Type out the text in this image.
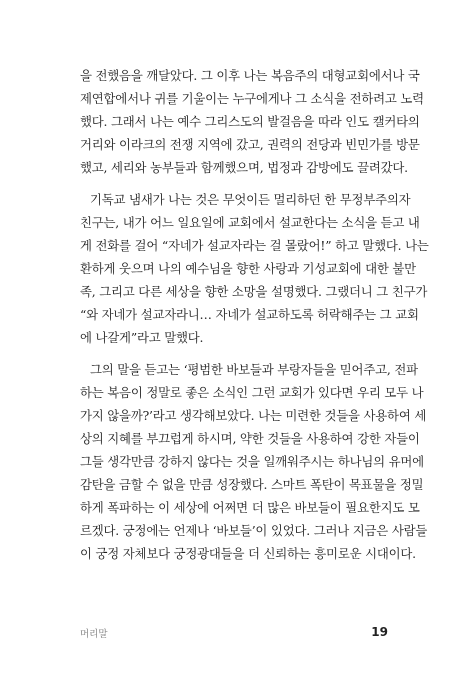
을 전했음을 깨달았다. 그 이후 나는 복음주의 대형교회에서나 국
제연합에서나 귀를 기울이는 누구에게나 그 소식을 전하려고 노력
했다. 그래서 나는 예수 그리스도의 발걸음을 따라 인도 캘커타의
거리와 이라크의 전쟁 지역에 갔고, 권력의 전당과 빈민가를 방문
했고, 세리와 농부들과 함께했으며, 법정과 감방에도 끌려갔다.
기독교 냄새가 나는 것은 무엇이든 멀리하던 한 무정부주의자
친구는, 내가 어느 일요일에 교회에서 설교한다는 소식을 듣고 내
게 전화를 걸어 “자네가 설교자라는 걸 몰랐어!” 하고 말했다. 나는
환하게 웃으며 나의 예수님을 향한 사랑과 기성교회에 대한 불만
족, 그리고 다른 세상을 향한 소망을 설명했다. 그랬더니 그 친구가
“와 자네가 설교자라니… 자네가 설교하도록 허락해주는 그 교회
에 나갈게”라고 말했다.
그의 말을 듣고는 ‘평범한 바보들과 부랑자들을 믿어주고, 전파
하는 복음이 정말로 좋은 소식인 그런 교회가 있다면 우리 모두 나
가지 않을까?’라고 생각해보았다. 나는 미련한 것들을 사용하여 세
상의 지혜를 부끄럽게 하시며, 약한 것들을 사용하여 강한 자들이
그들 생각만큼 강하지 않다는 것을 일깨워주시는 하나님의 유머에
감탄을 금할 수 없을 만큼 성장했다. 스마트 폭탄이 목표물을 정밀
하게 폭파하는 이 세상에 어쩌면 더 많은 바보들이 필요한지도 모
르겠다. 궁정에는 언제나 ‘바보들’이 있었다. 그러나 지금은 사람들
이 궁정 자체보다 궁정광대들을 더 신뢰하는 흥미로운 시대이다.
머리말	19
